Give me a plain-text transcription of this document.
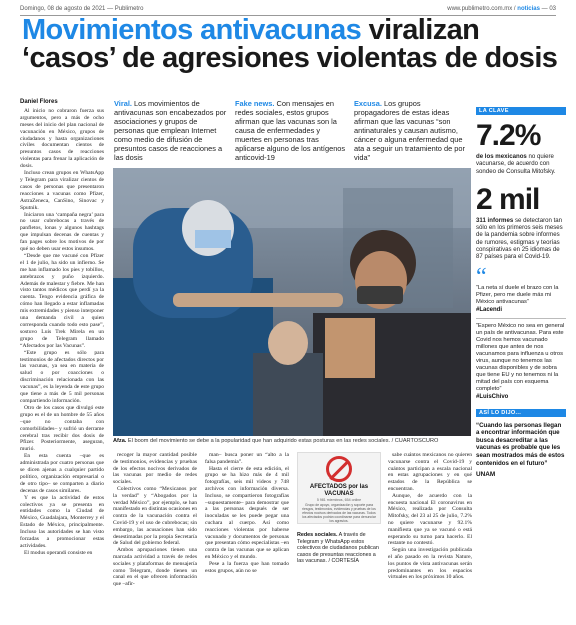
Domingo, 08 de agosto de 2021 — Publimetro	www.publimetro.com.mx / noticias — 03
Movimientos antivacunas viralizan ‘casos’ de agresiones violentas de dosis
Daniel Flores

Al inicio no cobraron fuerza sus argumentos, pero a más de ocho meses del inicio del plan nacional de vacunación en México, grupos de ciudadanos y hasta organizaciones civiles documentan cientos de presuntos casos de reacciones violentas para frenar la aplicación de dosis.

Incluso crean grupos en WhatsApp y Telegram para viralizar cientos de casos de personas que presentaron reacciones a vacunas como Pfizer, AstraZeneca, CanSino, Sinovac y Sputnik.

Iniciaron una ‘campaña negra’ para no usar cubrebocas a través de panfletos, lonas y algunos hashtags que impulsan decenas de cuentas y fan pages sobre los motivos de por qué no deben usar estos insumos.

“Desde que me vacuné con Pfizer el 1 de julio, ha sido un infierno. Se me han inflamado los pies y tobillos, antebrazos y puño izquierdo. Además de malestar y fiebre. Me han visto tantos médicos que perdí ya la cuenta. Tengo evidencia gráfica de cómo han llegado a estar inflamadas mis extremidades y pienso interponer una demanda civil a quien corresponda cuando todo esto pase”, sostuvo Luis Trek Mirela en un grupo de Telegram llamado “Afectados por las Vacunas”.

“Este grupo es sólo para testimonios de afectados directos por las vacunas, ya sea en materia de salud o por coacciones o discriminación relacionada con las vacunas”, es la leyenda de este grupo que tiene a más de 5 mil personas compartiendo información.

Otro de los casos que divulgó este grupo es el de un hombre de 55 años –que no contaba con comorbilidades– y sufrió un derrame cerebral tras recibir dos dosis de Pfizer. Posteriormente, aseguran, murió.

En esta cuenta –que es administrada por cuatro personas que se dicen ajenas a cualquier partido político, organización empresarial o de otro tipo– se comparten a diario decenas de casos similares.

Y es que la actividad de estos colectivos ya se presenta en entidades como la Ciudad de México, Guadalajara, Monterrey y el Estado de México, principalmente. Incluso las autoridades se han visto forzadas a promocionar estas actividades.

El modus operandi consiste en

Viral. Los movimientos de antivacunas son encabezados por asociaciones y grupos de personas que emplean Internet como medio de difusión de presuntos casos de reacciones a las dosis
Fake news. Con mensajes en redes sociales, estos grupos afirman que las vacunas son la causa de enfermedades y muertes en personas tras aplicarse alguno de los antígenos anticovid-19
Excusa. Los grupos propagadores de estas ideas afirman que las vacunas “son antinaturales y causan autismo, cáncer o alguna enfermedad que ata a seguir un tratamiento de por vida”
Afza. El boom del movimiento se debe a la popularidad que han adquirido estas posturas en las redes sociales. / CUARTOSCURO

recoger la mayor cantidad posible de testimonios, evidencias y pruebas de los efectos nocivos derivados de las vacunas por medio de redes sociales.

Colectivos como “Mexicanos por la verdad” y “Abogados por la verdad México”, por ejemplo, se han manifestado en distintas ocasiones en contra de la vacunación contra el Covid-19 y el uso de cubrebocas; sin embargo, las acusaciones han sido desestimadas por la propia Secretaría de Salud del gobierno federal.

Ambos aprupaciones tienen una marcada actividad a través de redes sociales y plataformas de mensajería como Telegram, donde tienen un canal en el que ofrecen información que –afir-

man– busca poner un “alto a la falsa pandemia”.

Hasta el cierre de esta edición, el grupo se ha hizo más de 4 mil fotografías, seis mil videos y 748 archivos con información diversa. Incluso, se compartieron fotografías –supuestamente– para demostrar que a las personas después de ser inoculadas se les puede pegar una cuchara al cuerpo. Así como reacciones violentas por haberse vacunado y documentos de personas que presentan cómo especialistas –en contra de las vacunas que se aplican en México y el mundo.

Pese a la fuerza que han tomado estos grupos, aún no se

AFECTADOS por las VACUNAS
5 981 miembros, 654 online
Grupo de apoyo, organización y soporte para riesgos, testimonios, evidencias y pruebas de los efectos nocivos derivados de las vacunas. Todos los afectados podrán coordinarse para denunciar los agravios.
Redes sociales. A través de Telegram y WhatsApp estos colectivos de ciudadanos publican casos de presuntas reacciones a las vacunas. / CORTESÍA

sabe cuántos mexicanos no quieren vacunarse contra el Covid-19 y cuántos participan a escala nacional en estas agrupaciones y en qué estados de la República se encuentran.

Aunque, de acuerdo con la encuesta nacional El coronavirus en México, realizada por Consulta Mitofsky, del 23 al 25 de julio, 7.2% no quiere vacunarse y 92.1% manifiesta que ya se vacunó o está esperando su turno para hacerlo. El restante no contestó.

Según una investigación publicada el año pasado en la revista Nature, los puntos de vista antivacunas serán predominantes en los espacios virtuales en los próximos 10 años.

LA CLAVE
7.2%
de los mexicanos no quiere vacunarse, de acuerdo con sondeo de Consulta Mitofsky.
2 mil
311 informes se detectaron tan sólo en los primeros seis meses de la pandemia sobre informes de rumores, estigmas y teorías conspirativas en 25 idiomas de 87 países para el Covid-19.
“
“La neta sí duele el brazo con la Pfizer, pero me duele más mi México antivacunas”
#Lacendi
“Espero México no sea en general un país de antivacunas. Para este Covid nos hemos vacunado millones que antes de nos vacunamos para influenza u otros virus, aunque no tenemos las vacunas disponibles y de sobra que tiene EU y no tenemos ni la mitad del país con esquema completo”
#LuisChivo
ASÍ LO DIJO...
“Cuando las personas llegan a encontrar información que busca desacreditar a las vacunas es probable que les sean mostrados más de estos contenidos en el futuro”
UNAM
